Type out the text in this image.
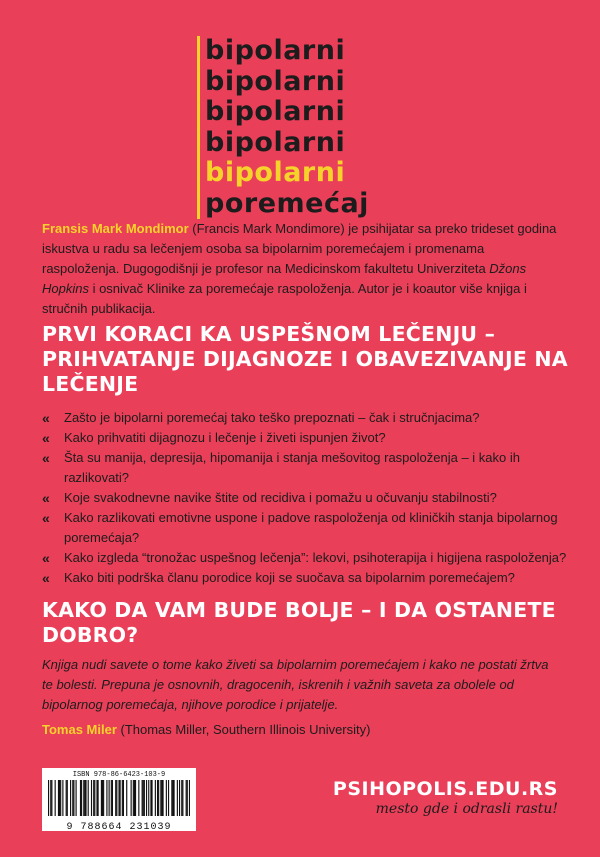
bipolarni
bipolarni
bipolarni
bipolarni
bipolarni
poremećaj

Fransis Mark Mondimor (Francis Mark Mondimore) je psihijatar sa preko trideset godina iskustva u radu sa lečenjem osoba sa bipolarnim poremećajem i promenama raspoloženja. Dugogodišnji je profesor na Medicinskom fakultetu Univerziteta Džons Hopkins i osnivač Klinike za poremećaje raspoloženja. Autor je i koautor više knjiga i stručnih publikacija.

PRVI KORACI KA USPEŠNOM LEČENJU – PRIHVATANJE DIJAGNOZE I OBAVEZIVANJE NA LEČENJE
« Zašto je bipolarni poremećaj tako teško prepoznati – čak i stručnjacima?
« Kako prihvatiti dijagnozu i lečenje i živeti ispunjen život?
« Šta su manija, depresija, hipomanija i stanja mešovitog raspoloženja – i kako ih razlikovati?
« Koje svakodnevne navike štite od recidiva i pomažu u očuvanju stabilnosti?
« Kako razlikovati emotivne uspone i padove raspoloženja od kliničkih stanja bipolarnog poremećaja?
« Kako izgleda “tronožac uspešnog lečenja”: lekovi, psihoterapija i higijena raspoloženja?
« Kako biti podrška članu porodice koji se suočava sa bipolarnim poremećajem?
KAKO DA VAM BUDE BOLJE – I DA OSTANETE DOBRO?

Knjiga nudi savete o tome kako živeti sa bipolarnim poremećajem i kako ne postati žrtva te bolesti. Prepuna je osnovnih, dragocenih, iskrenih i važnih saveta za obolele od bipolarnog poremećaja, njihove porodice i prijatelje.

Tomas Miler (Thomas Miller, Southern Illinois University)

ISBN 978-86-6423-103-9
9 788664 231039
PSIHOPOLIS.EDU.RS
mesto gde i odrasli rastu!
